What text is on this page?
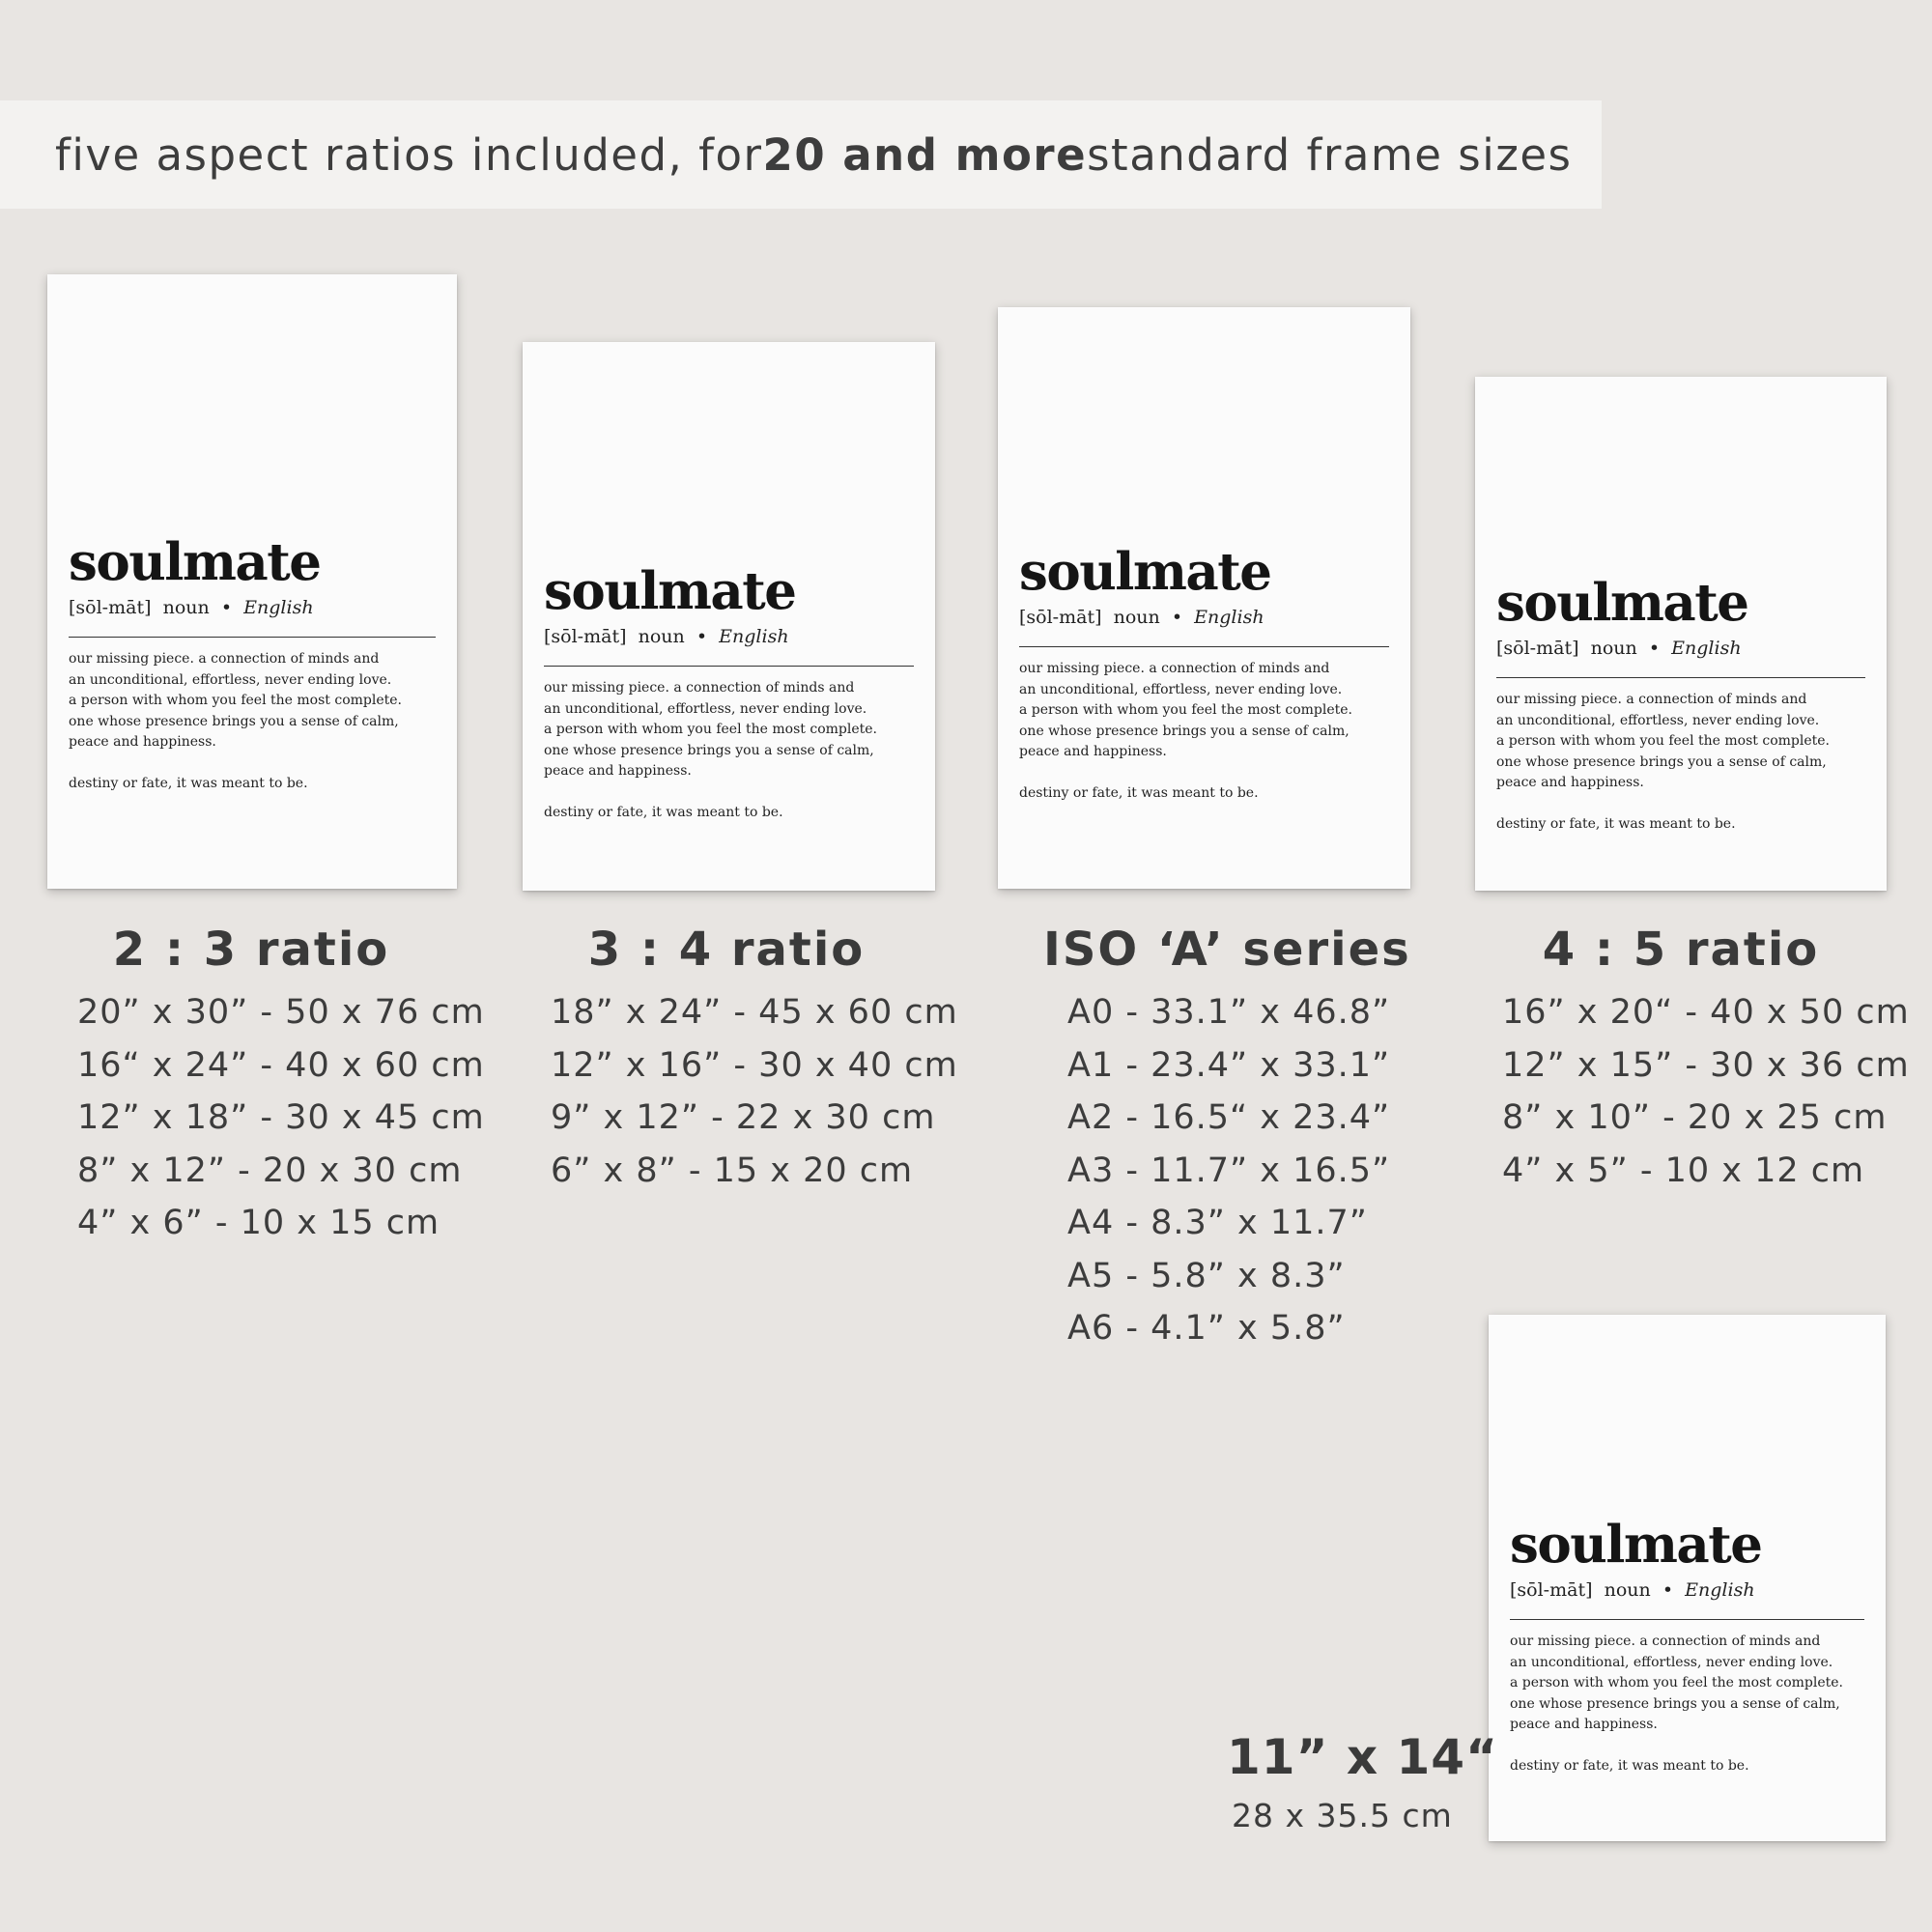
five aspect ratios included, for 20 and more standard frame sizes
soulmate
[sōl-māt] noun • English
our missing piece. a connection of minds and
an unconditional, effortless, never ending love.
a person with whom you feel the most complete.
one whose presence brings you a sense of calm,
peace and happiness.
destiny or fate, it was meant to be.
soulmate
[sōl-māt] noun • English
our missing piece. a connection of minds and
an unconditional, effortless, never ending love.
a person with whom you feel the most complete.
one whose presence brings you a sense of calm,
peace and happiness.
destiny or fate, it was meant to be.
soulmate
[sōl-māt] noun • English
our missing piece. a connection of minds and
an unconditional, effortless, never ending love.
a person with whom you feel the most complete.
one whose presence brings you a sense of calm,
peace and happiness.
destiny or fate, it was meant to be.
soulmate
[sōl-māt] noun • English
our missing piece. a connection of minds and
an unconditional, effortless, never ending love.
a person with whom you feel the most complete.
one whose presence brings you a sense of calm,
peace and happiness.
destiny or fate, it was meant to be.
soulmate
[sōl-māt] noun • English
our missing piece. a connection of minds and
an unconditional, effortless, never ending love.
a person with whom you feel the most complete.
one whose presence brings you a sense of calm,
peace and happiness.
destiny or fate, it was meant to be.
2 : 3 ratio
20” x 30” - 50 x 76 cm
16“ x 24” - 40 x 60 cm
12” x 18” - 30 x 45 cm
8” x 12” - 20 x 30 cm
4” x 6” - 10 x 15 cm
3 : 4 ratio
18” x 24” - 45 x 60 cm
12” x 16” - 30 x 40 cm
9” x 12” - 22 x 30 cm
6” x 8” - 15 x 20 cm
ISO ‘A’ series
A0 - 33.1” x 46.8”
A1 - 23.4” x 33.1”
A2 - 16.5“ x 23.4”
A3 - 11.7” x 16.5”
A4 - 8.3” x 11.7”
A5 - 5.8” x 8.3”
A6 - 4.1” x 5.8”
4 : 5 ratio
16” x 20“ - 40 x 50 cm
12” x 15” - 30 x 36 cm
8” x 10” - 20 x 25 cm
4” x 5” - 10 x 12 cm
11” x 14“
28 x 35.5 cm
